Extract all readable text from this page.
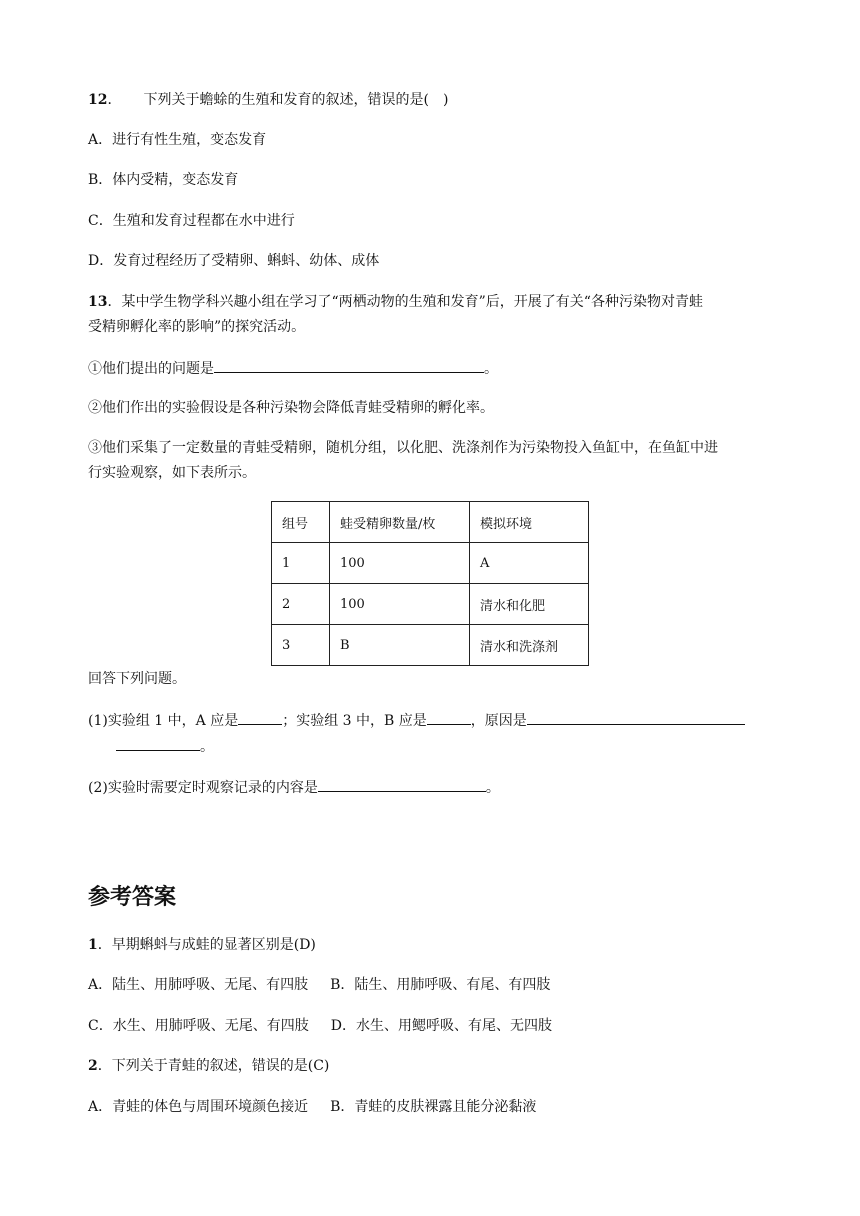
12． 下列关于蟾蜍的生殖和发育的叙述，错误的是(　)
A．进行有性生殖，变态发育
B．体内受精，变态发育
C．生殖和发育过程都在水中进行
D．发育过程经历了受精卵、蝌蚪、幼体、成体
13．某中学生物学科兴趣小组在学习了“两栖动物的生殖和发育”后，开展了有关“各种污染物对青蛙
受精卵孵化率的影响”的探究活动。
①他们提出的问题是	。
②他们作出的实验假设是各种污染物会降低青蛙受精卵的孵化率。
③他们采集了一定数量的青蛙受精卵，随机分组，以化肥、洗涤剂作为污染物投入鱼缸中，在鱼缸中进
行实验观察，如下表所示。
组号	蛙受精卵数量/枚	模拟环境
1	100	A
2	100	清水和化肥
3	B	清水和洗涤剂
回答下列问题。
(1)实验组 1 中，A 应是	；实验组 3 中，B 应是	，原因是
。
(2)实验时需要定时观察记录的内容是	。
参考答案
1．早期蝌蚪与成蛙的显著区别是(D)
A．陆生、用肺呼吸、无尾、有四肢 B．陆生、用肺呼吸、有尾、有四肢
C．水生、用肺呼吸、无尾、有四肢 D．水生、用鳃呼吸、有尾、无四肢
2．下列关于青蛙的叙述，错误的是(C)
A．青蛙的体色与周围环境颜色接近 B．青蛙的皮肤裸露且能分泌黏液
